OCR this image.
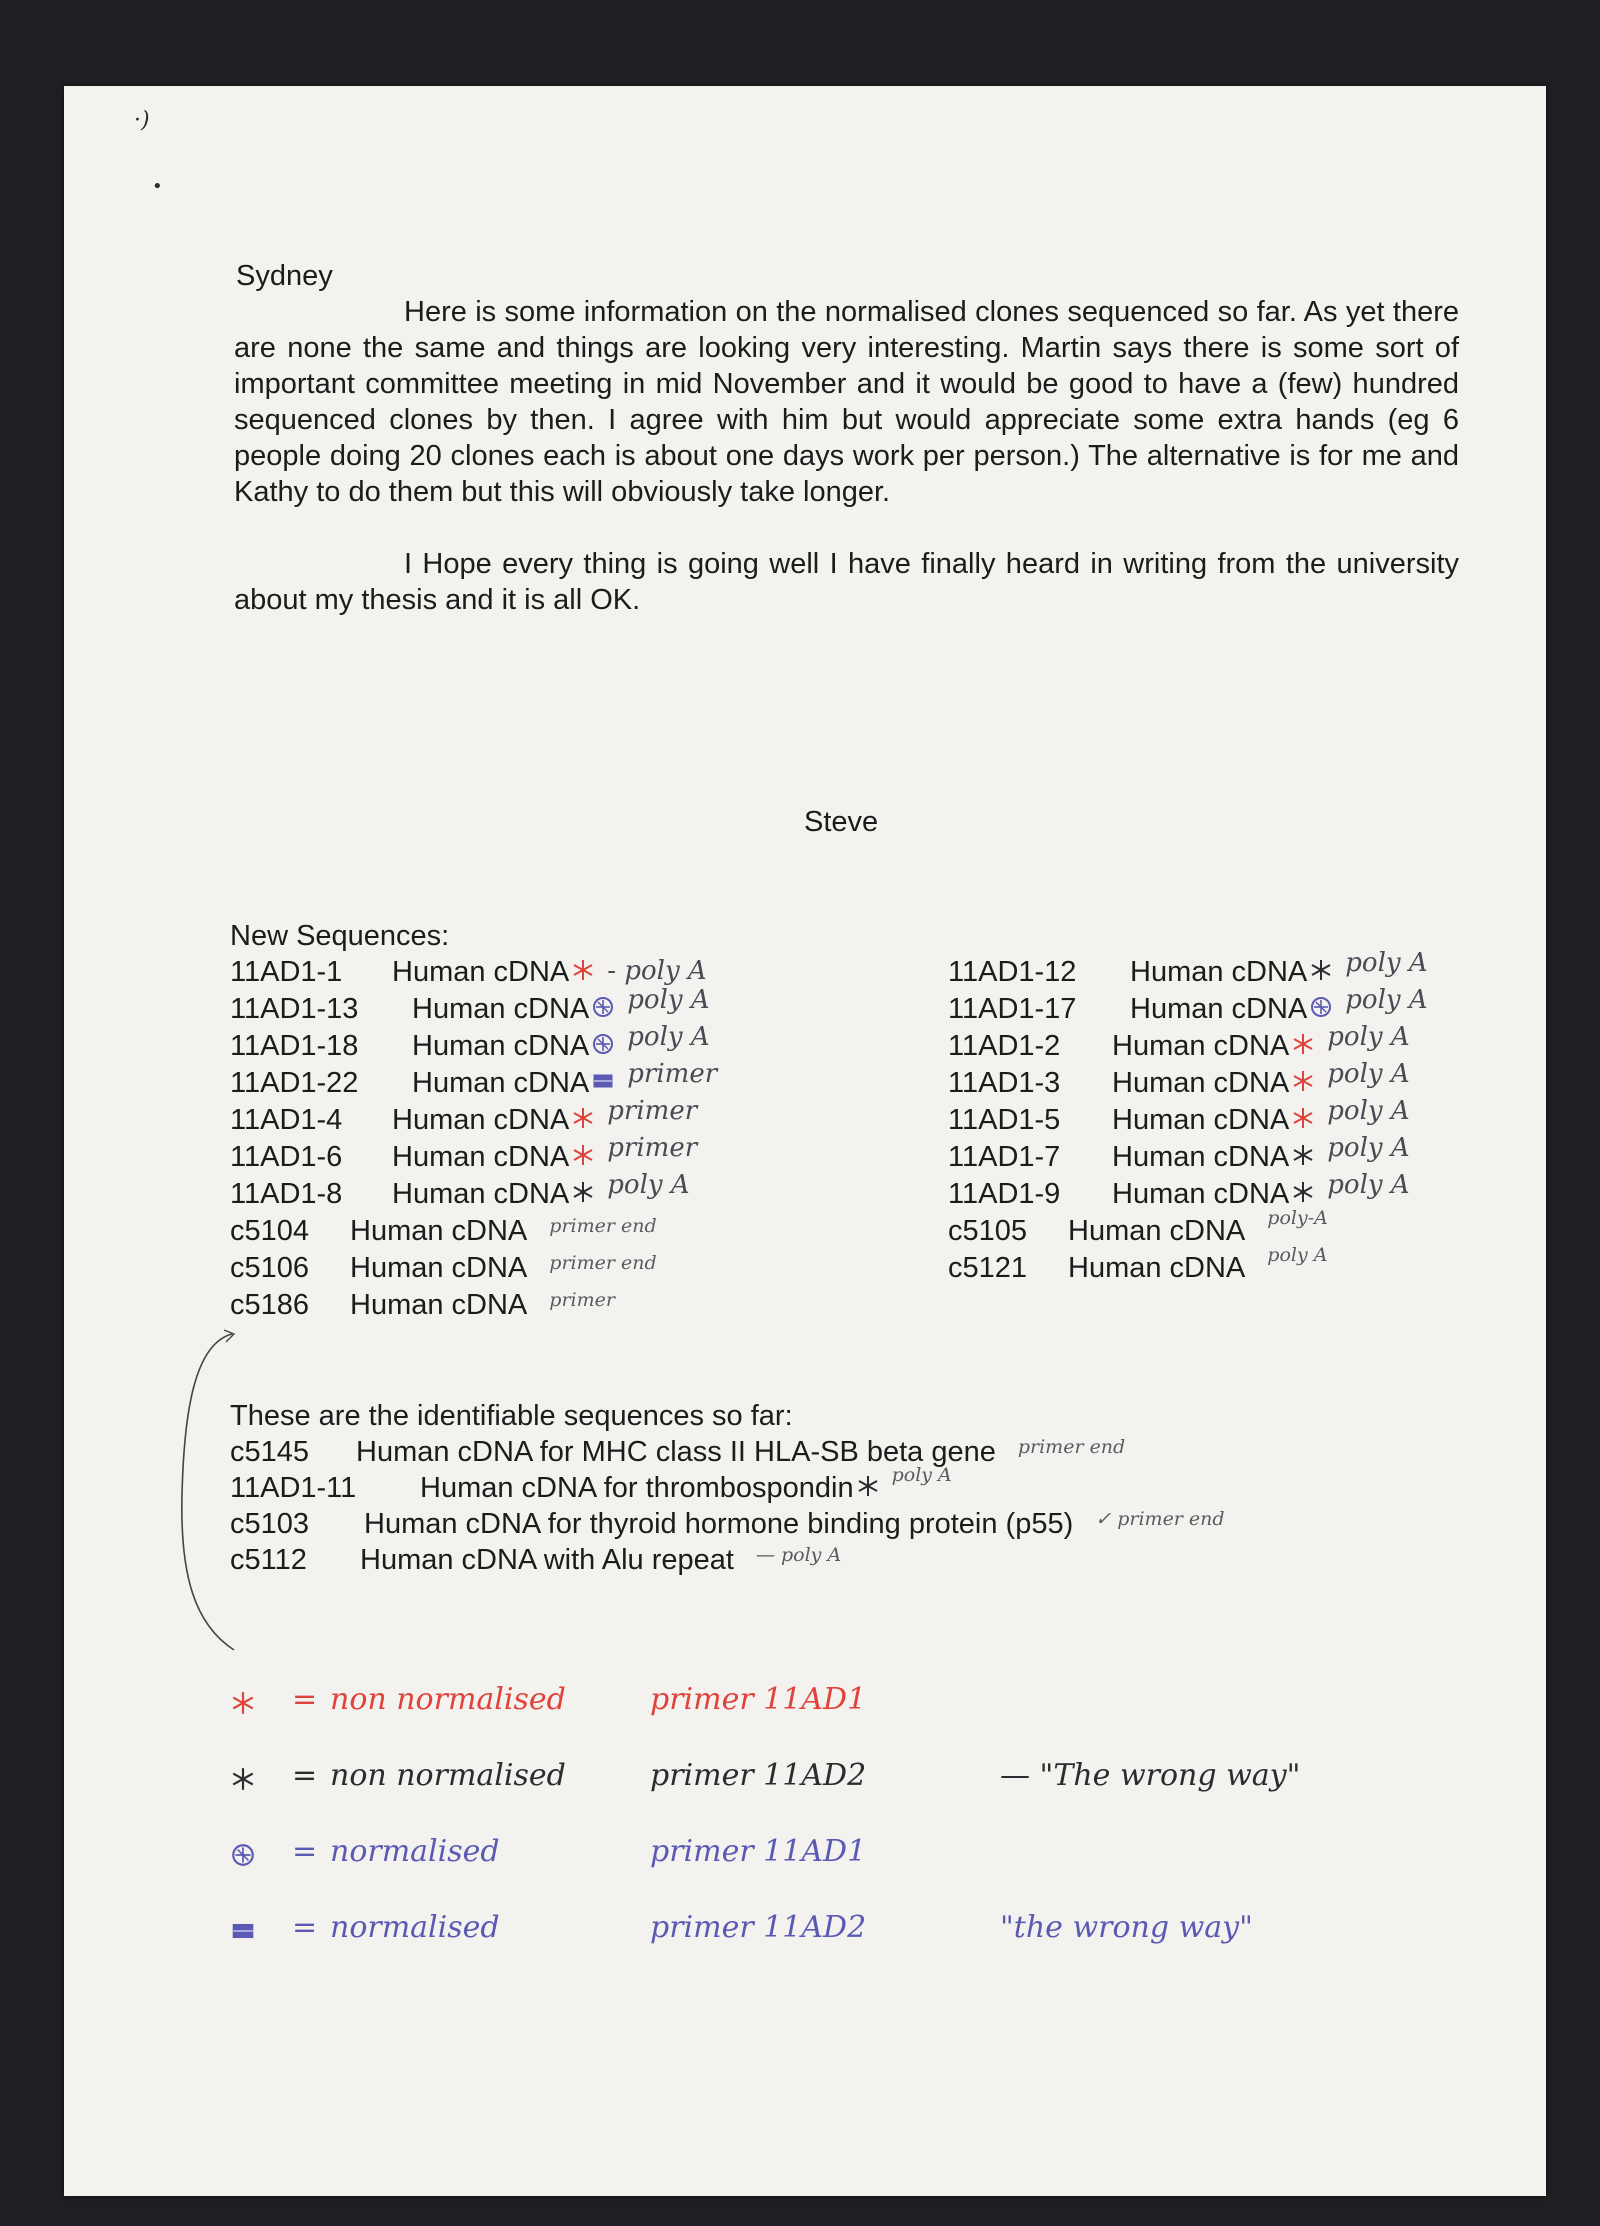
·)
•
Sydney
Here is some information on the normalised clones sequenced so far. As yet there are none the same and things are looking very interesting. Martin says there is some sort of important committee meeting in mid November and it would be good to have a (few) hundred sequenced clones by then. I agree with him but would appreciate some extra hands (eg 6 people doing 20 clones each is about one days work per person.) The alternative is for me and Kathy to do them but this will obviously take longer.
I Hope every thing is going well I have finally heard in writing from the university about my thesis and it is all OK.
Steve
New Sequences:
11AD1-1 Human cDNA - poly A
11AD1-13 Human cDNA poly A
11AD1-18 Human cDNA poly A
11AD1-22 Human cDNA primer
11AD1-4 Human cDNA primer
11AD1-6 Human cDNA primer
11AD1-8 Human cDNA poly A
c5104 Human cDNA primer end
c5106 Human cDNA primer end
c5186 Human cDNA primer
11AD1-12 Human cDNA poly A
11AD1-17 Human cDNA poly A
11AD1-2 Human cDNA poly A
11AD1-3 Human cDNA poly A
11AD1-5 Human cDNA poly A
11AD1-7 Human cDNA poly A
11AD1-9 Human cDNA poly A
c5105 Human cDNA poly-A
c5121 Human cDNA poly A
These are the identifiable sequences so far:
c5145 Human cDNA for MHC class II HLA-SB beta gene primer end
11AD1-11 Human cDNA for thrombospondin poly A
c5103 Human cDNA for thyroid hormone binding protein (p55) ✓ primer end
c5112 Human cDNA with Alu repeat — poly A
= non normalised	primer 11AD1
= non normalised	primer 11AD2	— "The wrong way"
= normalised	primer 11AD1
= normalised	primer 11AD2	"the wrong way"
